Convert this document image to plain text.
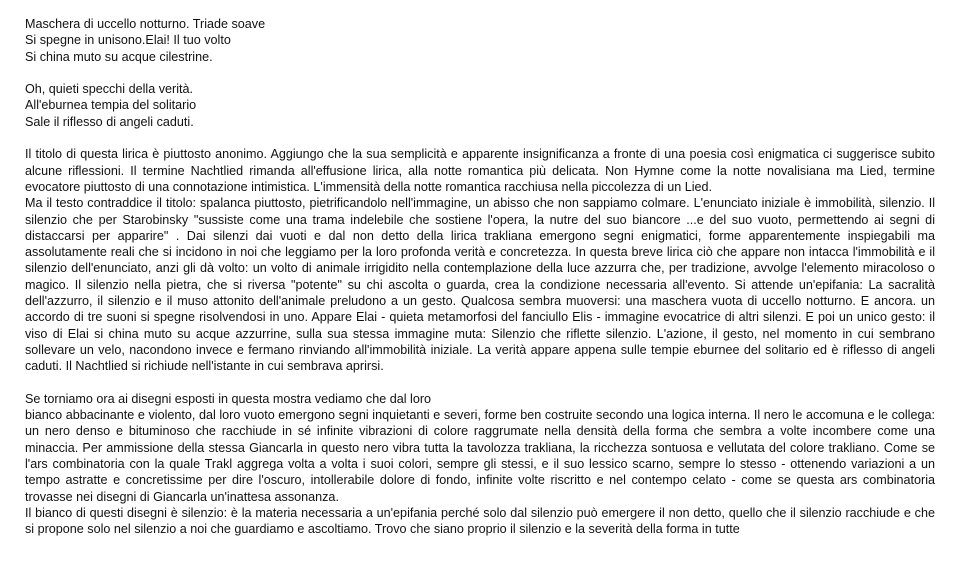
Maschera di uccello notturno. Triade soave
Si spegne in unisono.Elai! Il tuo volto
Si china muto su acque cilestrine.
Oh, quieti specchi della verità.
All'eburnea tempia del solitario
Sale il riflesso di angeli caduti.

Il titolo di questa lirica è piuttosto anonimo. Aggiungo che la sua semplicità e apparente insignificanza a fronte di una poesia così enigmatica ci suggerisce subito alcune riflessioni. Il termine Nachtlied rimanda all'effusione lirica, alla notte romantica più delicata. Non Hymne come la notte novalisiana ma Lied, termine evocatore piuttosto di una connotazione intimistica. L'immensità della notte romantica racchiusa nella piccolezza di un Lied.

Ma il testo contraddice il titolo: spalanca piuttosto, pietrificandolo nell'immagine, un abisso che non sappiamo colmare. L'enunciato iniziale è immobilità, silenzio. Il silenzio che per Starobinsky "sussiste come una trama indelebile che sostiene l'opera, la nutre del suo biancore ...e del suo vuoto, permettendo ai segni di distaccarsi per apparire" . Dai silenzi dai vuoti e dal non detto della lirica trakliana emergono segni enigmatici, forme apparentemente inspiegabili ma assolutamente reali che si incidono in noi che leggiamo per la loro profonda verità e concretezza. In questa breve lirica ciò che appare non intacca l'immobilità e il silenzio dell'enunciato, anzi gli dà volto: un volto di animale irrigidito nella contemplazione della luce azzurra che, per tradizione, avvolge l'elemento miracoloso o magico. Il silenzio nella pietra, che si riversa "potente" su chi ascolta o guarda, crea la condizione necessaria all'evento. Si attende un'epifania: La sacralità dell'azzurro, il silenzio e il muso attonito dell'animale preludono a un gesto. Qualcosa sembra muoversi: una maschera vuota di uccello notturno. E ancora. un accordo di tre suoni si spegne risolvendosi in uno. Appare Elai - quieta metamorfosi del fanciullo Elis - immagine evocatrice di altri silenzi. E poi un unico gesto: il viso di Elai si china muto su acque azzurrine, sulla sua stessa immagine muta: Silenzio che riflette silenzio. L'azione, il gesto, nel momento in cui sembrano sollevare un velo, nacondono invece e fermano rinviando all'immobilità iniziale. La verità appare appena sulle tempie eburnee del solitario ed è riflesso di angeli caduti. Il Nachtlied si richiude nell'istante in cui sembrava aprirsi.

Se torniamo ora ai disegni esposti in questa mostra vediamo che dal loro

bianco abbacinante e violento, dal loro vuoto emergono segni inquietanti e severi, forme ben costruite secondo una logica interna. Il nero le accomuna e le collega: un nero denso e bituminoso che racchiude in sé infinite vibrazioni di colore raggrumate nella densità della forma che sembra a volte incombere come una minaccia. Per ammissione della stessa Giancarla in questo nero vibra tutta la tavolozza trakliana, la ricchezza sontuosa e vellutata del colore trakliano. Come se l'ars combinatoria con la quale Trakl aggrega volta a volta i suoi colori, sempre gli stessi, e il suo lessico scarno, sempre lo stesso - ottenendo variazioni a un tempo astratte e concretissime per dire l'oscuro, intollerabile dolore di fondo, infinite volte riscritto e nel contempo celato - come se questa ars combinatoria trovasse nei disegni di Giancarla un'inattesa assonanza.

Il bianco di questi disegni è silenzio: è la materia necessaria a un'epifania perché solo dal silenzio può emergere il non detto, quello che il silenzio racchiude e che si propone solo nel silenzio a noi che guardiamo e ascoltiamo. Trovo che siano proprio il silenzio e la severità della forma in tutte
